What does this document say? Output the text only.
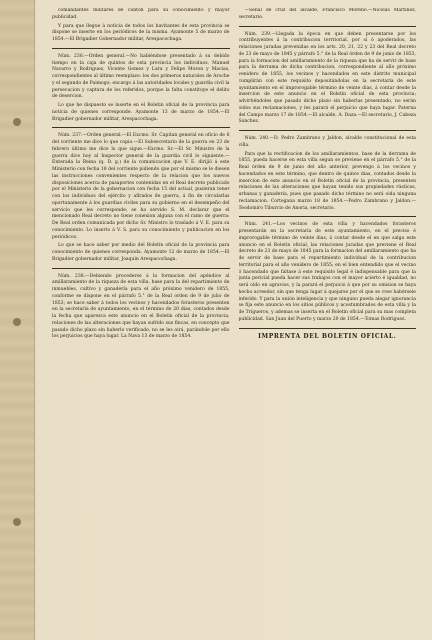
comandantes militares de canton para su conocimiento y mayor publicidad.

Y para que llegue á noticia de todos los havitantes de esta provincia se dispone se inserte en los periódicos de la misma. Ayamonte 5 de marzo de 1854.—El Brigadier Gobernador militar, Arespacochaga.

Núm. 236.—Orden general.—No habiéndose presentado á su debido tiempo en la caja de quintos de esta provincia los individuos, Manuel Navarro y Rodriguez, Vicente Gomez y Lara y Felipe Moron y Macias, correspondientes al último reemplazo: los dos primeros naturales de Aroche y el segundo de Paimogo; encargo á las autoridades locales y guardia civil la persecucion y captura de los referidos, porque la falta constituye el delito de desercion.

Lo que he dispuesto se inserte en el Boletin oficial de la provincia para noticia de quienes corresponde. Ayamonte 13 de marzo de 1854.—El Brigadier gobernador militar, Arespacochaga.

Núm. 237.—Orden general.—El Excmo. Sr. Capitan general en oficio de 6 del corriente me dice lo que copio.—El Subsecretario de la guerra en 23 de febrero último me dice lo que sigue.—Excmo. Sr.—El Sr. Ministro de la guerra dice hoy al Inspector general de la guardia civil lo siguiente.—Enterada la Reina (q. D. g.) de la comunicacion que V. E. dirijió á este Ministerio con fecha 18 del corriente pidiendo que por el mismo se le diesen las instrucciones convenientes respecto de la relacion que los nuevos disposiciones acerca de pasaportes contenidas en el Real decreto publicado por el Ministerio de la gobernacion con fecha 15 del actual, pusieran tener con los individuos del ejército y afirados de guerra, á fin de circularlas oportunamente á los guardias civiles para su gobierno en el desempeño del servicio que les corresponde; se ha servido S. M. declarar que el mencionado Real decreto no tiene conexion alguna con el ramo de guerra: De Real orden comunicada por dicho Sr. Ministro lo traslado á V. E. para su conocimiento. Lo inserto á V. S. para su conocimiento y publicacion en los periódicos.

Lo que se hace saber por medio del Boletin oficial de la provincia para conocimiento de quienes corresponda. Ayamonte 12 de marzo de 1854.—El Brigadier gobernador militar, Joaquin Arespacochaga.

Núm. 238.—Debiendo procederse á la formacion del apéndice al amillaramiento de la riqueza de esta villa, base para la del repartimiento de inmuebles, cultivo y ganadería para el año próximo venidero de 1855, conforme se dispone en el párrafo 5.° de la Real orden de 9 de julio de 1853; se hace saber á todos los vecinos y hacendados forasteros presenten en la secretaría de ayuntamiento, en el término de 20 dias, contados desde la fecha que aparezca este anuncio en el Boletin oficial de la provincia, relaciones de las alteraciones que hayan sufrido sus fincas, en concepto que pasado dicho plazo sin haberlo verificado, no se les oirá, parándole por ello los perjuicios que haya lugar. La Nava 13 de marzo de 1854.

—Señal de cruz del alcalde, Francisco Moreno.—Nicolas Martinez, secretario.

Núm. 239.—Llegada la época en que deben presentarse por los contribuyentes á la contribucion territorial, por sí ó apoderados, las relaciones juradas prevenidas en los arts. 20, 21, 22 y 23 del Real decreto de 23 de mayo de 1845 y párrafo 5.° de la Real órden de 9 de junio de 1853, para la formacion del amillaramiento de la riqueza que ha de servir de base para la derrama de dicha contribucion, correspondiente al año próximo venidero de 1855, los vecinos y hacendados en este distrito municipal cumplirán con este requisito depositándolas en la secretaría de este ayuntamiento en el improrogable término de veinte dias, á contar desde la insercion de este anuncio en el Boletin oficial de esta provincia; advirtiéndoles que pasado dicho plazo sin haberlas presentado, no serán oidos sus reclamaciones, y les parará el perjuicio que haya lugar. Paterna del Campo marzo 17 de 1854.—El alcalde, A. Daza.—El secretario, J. Cabeza Sanchez.

Núm. 240.—D. Pedro Zambrano y Jaldon, alcalde constitucional de esta villa.

Para que la rectificacion de los amillaramientos, base de la derrama de 1855, pueda hacerse en esta villa segun se previene en el párrafo 5.° de la Real órden de 9 de junio del año anterior, prevengo á los vecinos y hacendados en este término, que dentro de quince dias, contados desde la insercion de este anuncio en el Boletin oficial de la provincia, presenten relaciones de las alteraciones que hayan tenido sus propiedades rústicas, urbanas y ganadería, pues que pasado dicho término no será oida ninguna reclamacion. Cortegana marzo 18 de 1854.—Pedro Zambrano y Jaldon.—Teodomiro Tiburcio de Anoria, secretario.

Núm. 241.—Los vecinos de esta villa y hacendados forasteros presentarán en la secretaría de este ayuntamiento, en el preciso é improrogable término de veinte dias, á contar desde el en que salga este anuncio en el Boletin oficial, las relaciones juradas que previene el Real decreto de 23 de mayo de 1845 para la formacion del amillaramiento que ha de servir de base para el repartimiento individual de la contribucion territorial para el año venidero de 1855; en el bien entendido que el vecino ó hacendado que faltase á este requisito legal é indispensable para que la junta pericial pueda hacer sus trabajos con el mayor acierto é igualdad, no será oido en agravios, y la parará el perjuicio á que por su omision se haya hecho acreedor, sin que tenga lugar á quejarse por el que se cree habérsele inferido. Y para la unión inteligencia y que ninguno pueda alegar ignorancia se fija este anuncio en los sitios públicos y acostumbrados de esta villa y la de Trigueros, y ademas se inserta en el Boletin oficial para su mas completa publicidad. San Juan del Puerto y marzo 20 de 1854.—Tomas Rodriguez.

IMPRENTA DEL BOLETIN OFICIAL.
